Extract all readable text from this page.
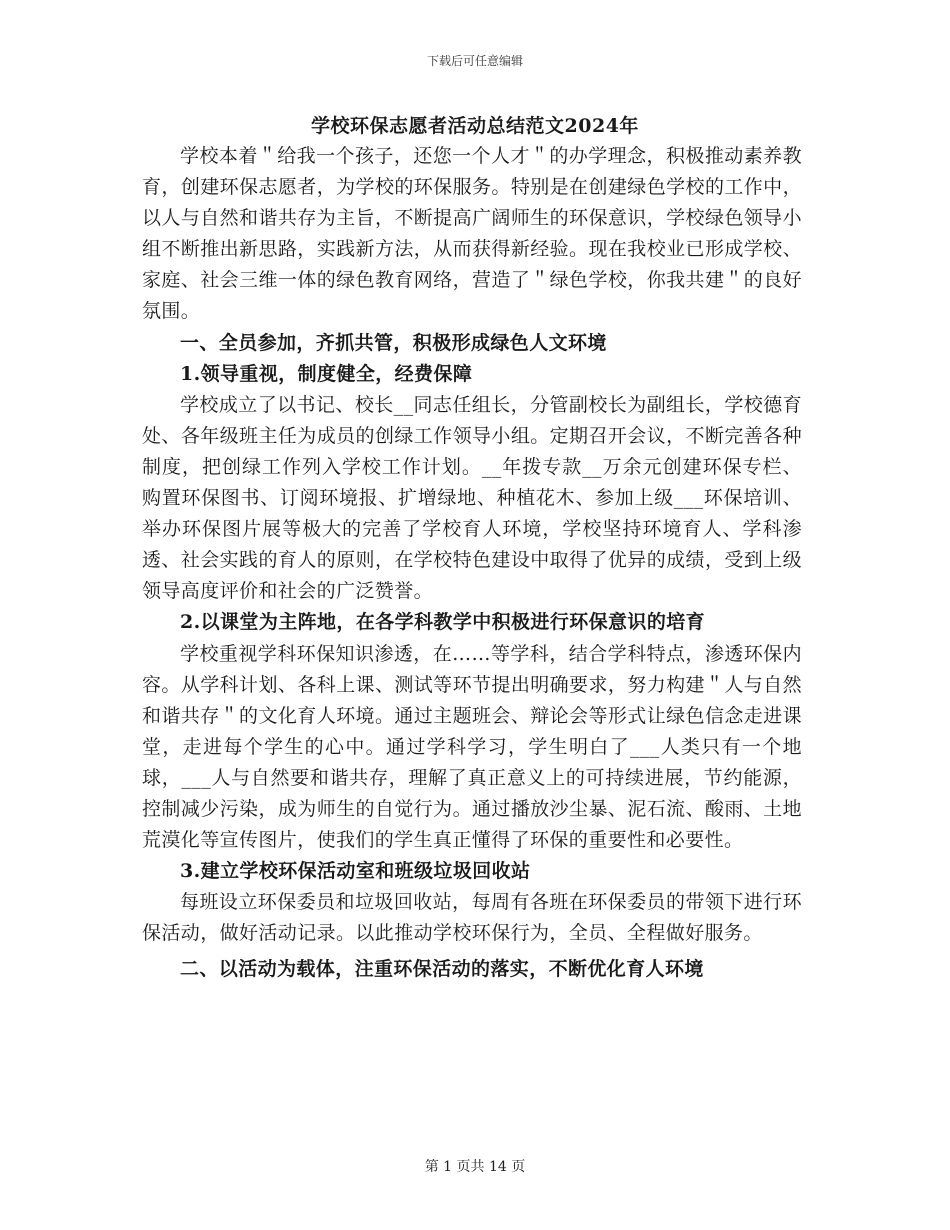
下载后可任意编辑
学校环保志愿者活动总结范文2024年

学校本着＂给我一个孩子，还您一个人才＂的办学理念，积极推动素养教育，创建环保志愿者，为学校的环保服务。特别是在创建绿色学校的工作中，以人与自然和谐共存为主旨，不断提高广阔师生的环保意识，学校绿色领导小组不断推出新思路，实践新方法，从而获得新经验。现在我校业已形成学校、家庭、社会三维一体的绿色教育网络，营造了＂绿色学校，你我共建＂的良好氛围。

一、全员参加，齐抓共管，积极形成绿色人文环境

1.领导重视，制度健全，经费保障

学校成立了以书记、校长__同志任组长，分管副校长为副组长，学校德育处、各年级班主任为成员的创绿工作领导小组。定期召开会议，不断完善各种制度，把创绿工作列入学校工作计划。__年拨专款__万余元创建环保专栏、购置环保图书、订阅环境报、扩增绿地、种植花木、参加上级___环保培训、举办环保图片展等极大的完善了学校育人环境，学校坚持环境育人、学科渗透、社会实践的育人的原则，在学校特色建设中取得了优异的成绩，受到上级领导高度评价和社会的广泛赞誉。

2.以课堂为主阵地，在各学科教学中积极进行环保意识的培育

学校重视学科环保知识渗透，在……等学科，结合学科特点，渗透环保内容。从学科计划、各科上课、测试等环节提出明确要求，努力构建＂人与自然和谐共存＂的文化育人环境。通过主题班会、辩论会等形式让绿色信念走进课堂，走进每个学生的心中。通过学科学习，学生明白了___人类只有一个地球，___人与自然要和谐共存，理解了真正意义上的可持续进展，节约能源，控制减少污染，成为师生的自觉行为。通过播放沙尘暴、泥石流、酸雨、土地荒漠化等宣传图片，使我们的学生真正懂得了环保的重要性和必要性。

3.建立学校环保活动室和班级垃圾回收站

每班设立环保委员和垃圾回收站，每周有各班在环保委员的带领下进行环保活动，做好活动记录。以此推动学校环保行为，全员、全程做好服务。

二、以活动为载体，注重环保活动的落实，不断优化育人环境

第 1 页共 14 页
